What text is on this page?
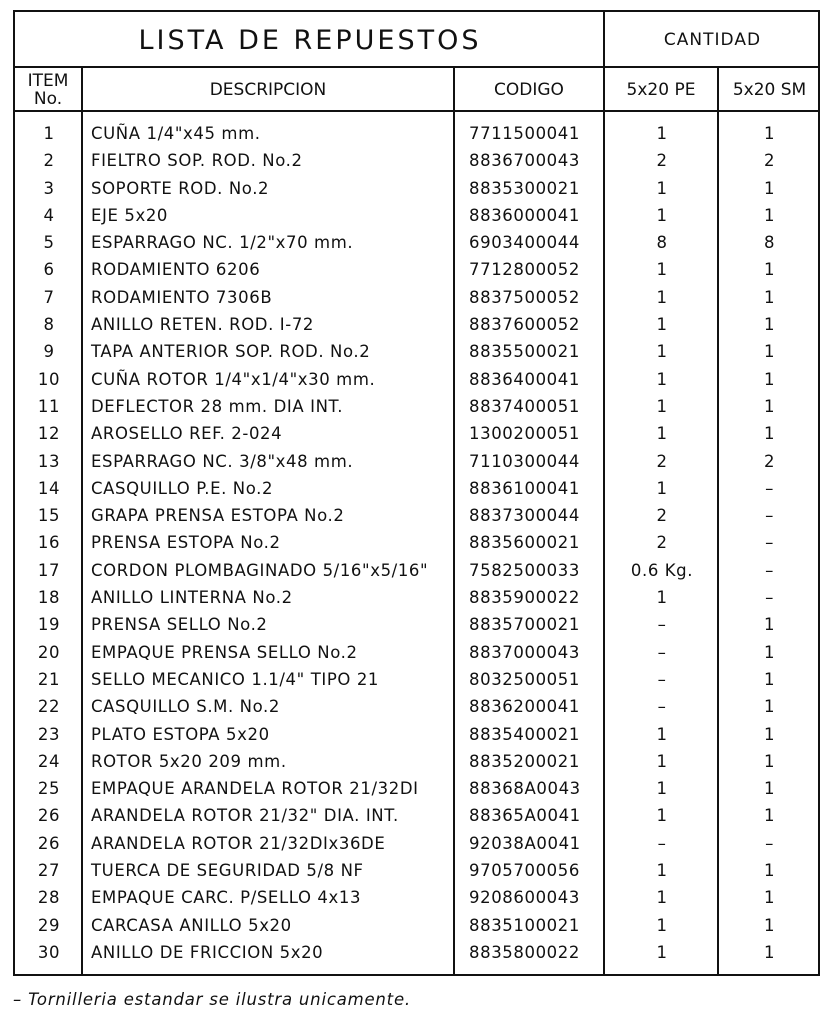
LISTA DE REPUESTOS	CANTIDAD
ITEM No.	DESCRIPCION	CODIGO	5x20 PE	5x20 SM
1	CUÑA 1/4"x45 mm.	7711500041	1	1
2	FIELTRO SOP. ROD. No.2	8836700043	2	2
3	SOPORTE ROD. No.2	8835300021	1	1
4	EJE 5x20	8836000041	1	1
5	ESPARRAGO NC. 1/2"x70 mm.	6903400044	8	8
6	RODAMIENTO 6206	7712800052	1	1
7	RODAMIENTO 7306B	8837500052	1	1
8	ANILLO RETEN. ROD. I-72	8837600052	1	1
9	TAPA ANTERIOR SOP. ROD. No.2	8835500021	1	1
10	CUÑA ROTOR 1/4"x1/4"x30 mm.	8836400041	1	1
11	DEFLECTOR 28 mm. DIA INT.	8837400051	1	1
12	AROSELLO REF. 2-024	1300200051	1	1
13	ESPARRAGO NC. 3/8"x48 mm.	7110300044	2	2
14	CASQUILLO P.E. No.2	8836100041	1	–
15	GRAPA PRENSA ESTOPA No.2	8837300044	2	–
16	PRENSA ESTOPA No.2	8835600021	2	–
17	CORDON PLOMBAGINADO 5/16"x5/16"	7582500033	0.6 Kg.	–
18	ANILLO LINTERNA No.2	8835900022	1	–
19	PRENSA SELLO No.2	8835700021	–	1
20	EMPAQUE PRENSA SELLO No.2	8837000043	–	1
21	SELLO MECANICO 1.1/4" TIPO 21	8032500051	–	1
22	CASQUILLO S.M. No.2	8836200041	–	1
23	PLATO ESTOPA 5x20	8835400021	1	1
24	ROTOR 5x20 209 mm.	8835200021	1	1
25	EMPAQUE ARANDELA ROTOR 21/32DI	88368A0043	1	1
26	ARANDELA ROTOR 21/32" DIA. INT.	88365A0041	1	1
26	ARANDELA ROTOR 21/32DIx36DE	92038A0041	–	–
27	TUERCA DE SEGURIDAD 5/8 NF	9705700056	1	1
28	EMPAQUE CARC. P/SELLO 4x13	9208600043	1	1
29	CARCASA ANILLO 5x20	8835100021	1	1
30	ANILLO DE FRICCION 5x20	8835800022	1	1
– Tornilleria estandar se ilustra unicamente.
